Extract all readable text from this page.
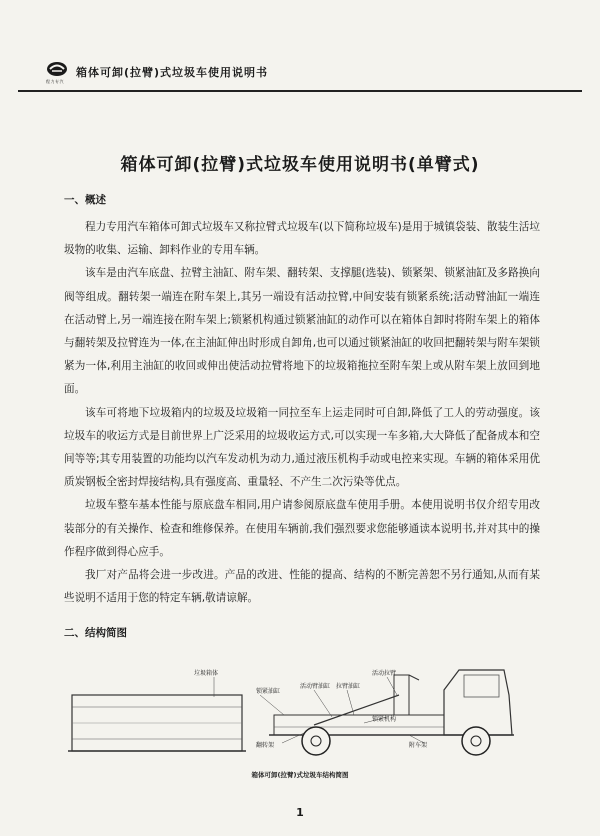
程力专汽
箱体可卸(拉臂)式垃圾车使用说明书
箱体可卸(拉臂)式垃圾车使用说明书(单臂式)
一、概述

程力专用汽车箱体可卸式垃圾车又称拉臂式垃圾车(以下简称垃圾车)是用于城镇袋装、散装生活垃圾物的收集、运输、卸料作业的专用车辆。

该车是由汽车底盘、拉臂主油缸、附车架、翻转架、支撑腿(选装)、锁紧架、锁紧油缸及多路换向阀等组成。翻转架一端连在附车架上,其另一端设有活动拉臂,中间安装有锁紧系统;活动臂油缸一端连在活动臂上,另一端连接在附车架上;锁紧机构通过锁紧油缸的动作可以在箱体自卸时将附车架上的箱体与翻转架及拉臂连为一体,在主油缸伸出时形成自卸角,也可以通过锁紧油缸的收回把翻转架与附车架锁紧为一体,利用主油缸的收回或伸出使活动拉臂将地下的垃圾箱拖拉至附车架上或从附车架上放回到地面。

该车可将地下垃圾箱内的垃圾及垃圾箱一同拉至车上运走同时可自卸,降低了工人的劳动强度。该垃圾车的收运方式是目前世界上广泛采用的垃圾收运方式,可以实现一车多箱,大大降低了配备成本和空间等等;其专用装置的功能均以汽车发动机为动力,通过液压机构手动或电控来实现。车辆的箱体采用优质炭钢板全密封焊接结构,具有强度高、重量轻、不产生二次污染等优点。

垃圾车整车基本性能与原底盘车相同,用户请参阅原底盘车使用手册。本使用说明书仅介绍专用改装部分的有关操作、检查和维修保养。在使用车辆前,我们强烈要求您能够通读本说明书,并对其中的操作程序做到得心应手。

我厂对产品将会进一步改进。产品的改进、性能的提高、结构的不断完善恕不另行通知,从而有某些说明不适用于您的特定车辆,敬请谅解。

二、结构简图
垃圾箱体
锁紧油缸
翻转架
活动臂油缸 拉臂油缸
活动拉臂
锁紧机构
附车架
箱体可卸(拉臂)式垃圾车结构简图
1
